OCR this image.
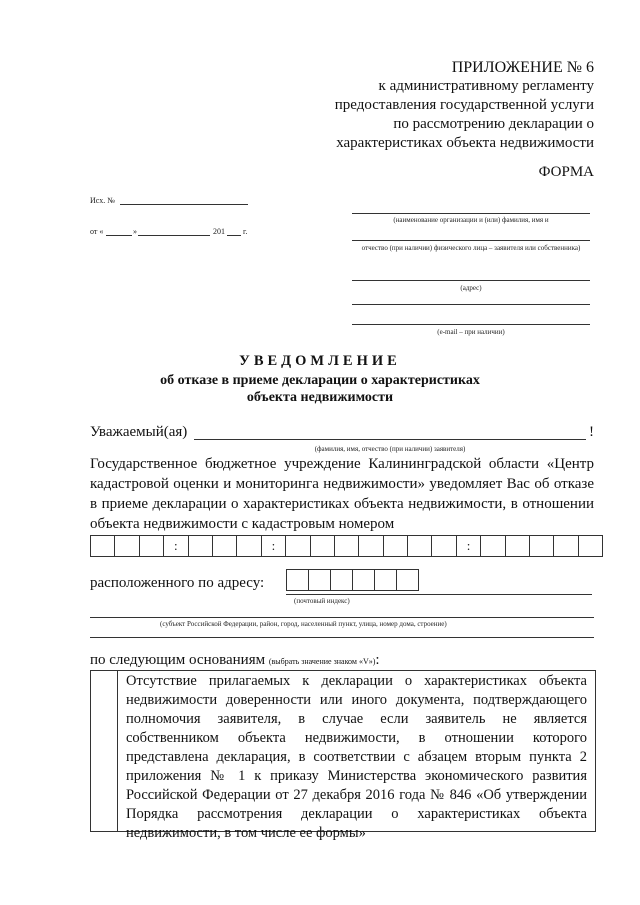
ПРИЛОЖЕНИЕ № 6
к административному регламенту
предоставления государственной услуги
по рассмотрению декларации о
характеристиках объекта недвижимости
ФОРМА
Исх. №
от «	»	201 г.
(наименование организации и (или) фамилия, имя и
отчество (при наличии) физического лица – заявителя или собственника)
(адрес)
(e-mail – при наличии)
УВЕДОМЛЕНИЕ
об отказе в приеме декларации о характеристиках
объекта недвижимости
Уважаемый(ая)	!
(фамилия, имя, отчество (при наличии) заявителя)
Государственное бюджетное учреждение Калининградской области «Центр кадастровой оценки и мониторинга недвижимости» уведомляет Вас об отказе в приеме декларации о характеристиках объекта недвижимости, в отношении объекта недвижимости с кадастровым номером
:	:	:
расположенного по адресу:
(почтовый индекс)
(субъект Российской Федерации, район, город, населенный пункт, улица, номер дома, строение)
по следующим основаниям (выбрать значение знаком «V»):
Отсутствие прилагаемых к декларации о характеристиках объекта недвижимости доверенности или иного документа, подтверждающего полномочия заявителя, в случае если заявитель не является собственником объекта недвижимости, в отношении которого представлена декларация, в соответствии с абзацем вторым пункта 2 приложения № 1 к приказу Министерства экономического развития Российской Федерации от 27 декабря 2016 года № 846 «Об утверждении Порядка рассмотрения декларации о характеристиках объекта недвижимости, в том числе ее формы»
